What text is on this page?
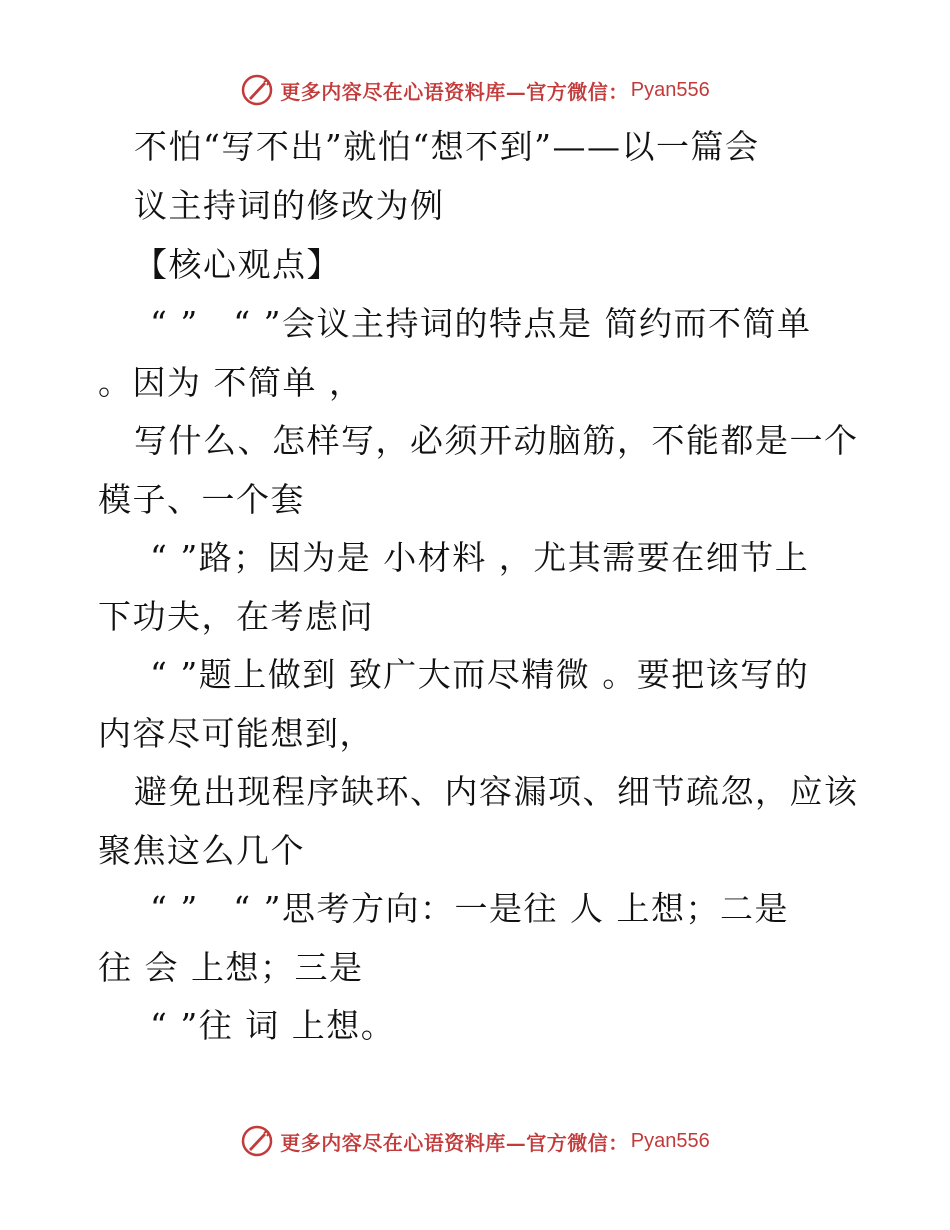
更多内容尽在心语资料库—官方微信： Pyan556
不怕“写不出”就怕“想不到”——以一篇会
议主持词的修改为例
【核心观点】
“ ”　“ ”会议主持词的特点是 简约而不简单
。因为 不简单 ，
写什么、怎样写，必须开动脑筋，不能都是一个
模子、一个套
“ ”路；因为是 小材料 ，尤其需要在细节上
下功夫，在考虑问
“ ”题上做到 致广大而尽精微 。要把该写的
内容尽可能想到，
避免出现程序缺环、内容漏项、细节疏忽，应该
聚焦这么几个
“ ”　“ ”思考方向：一是往 人 上想；二是
往 会 上想；三是
“ ”往 词 上想。
更多内容尽在心语资料库—官方微信： Pyan556
